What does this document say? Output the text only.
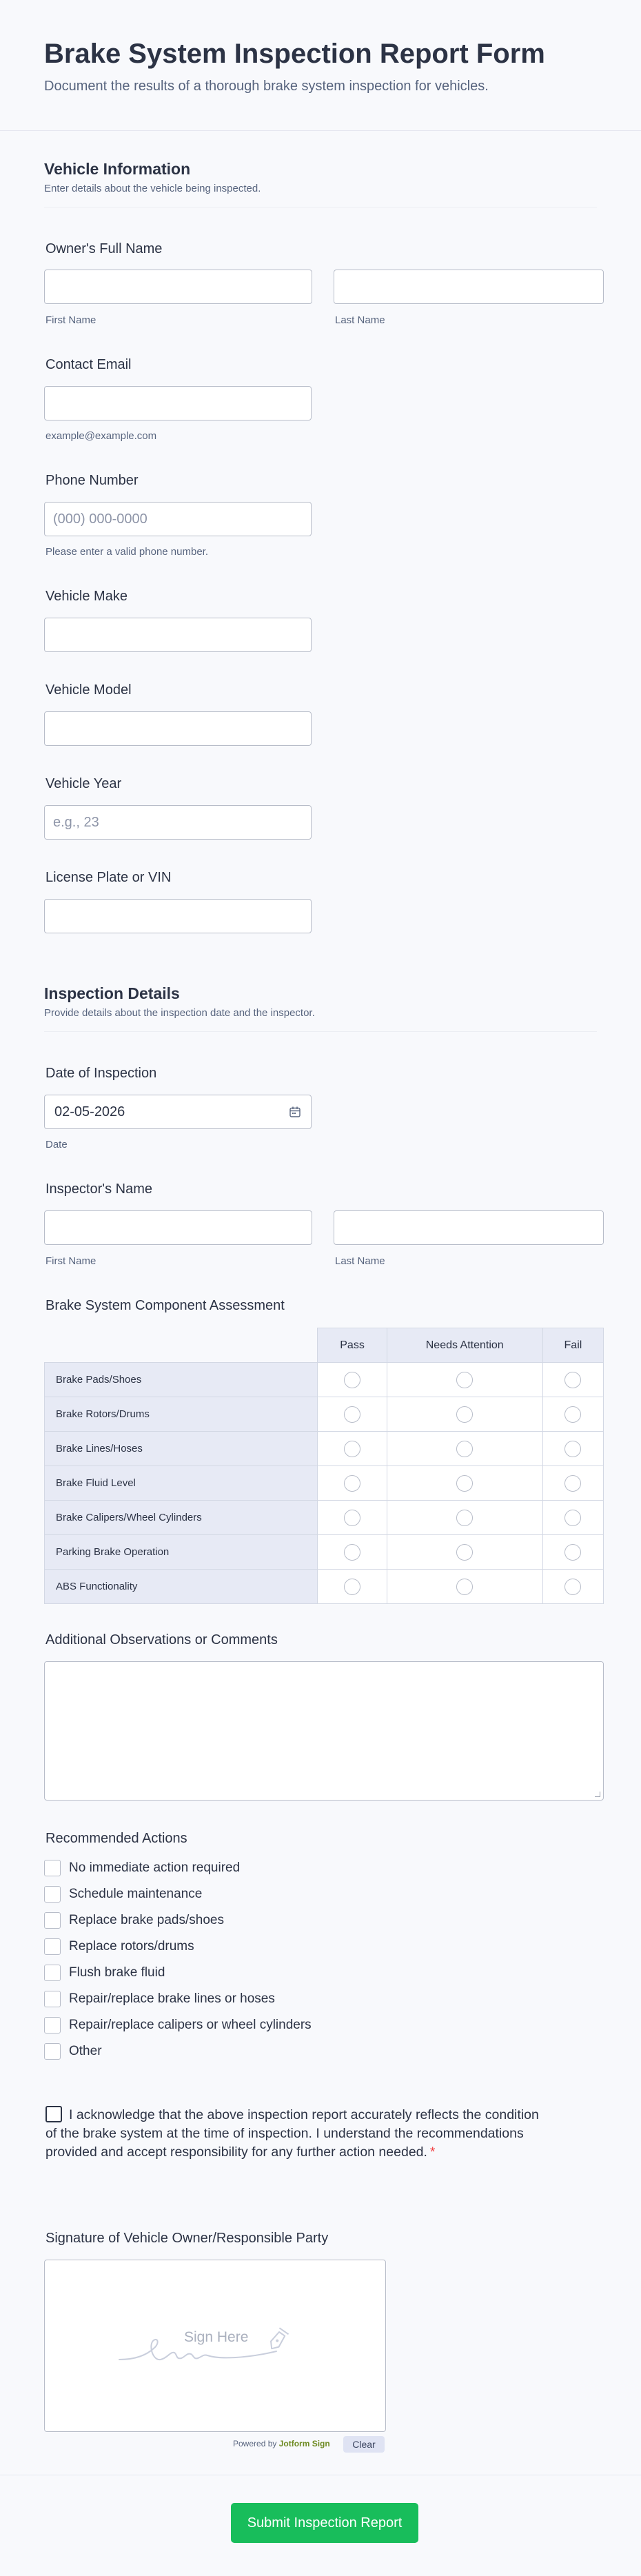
Brake System Inspection Report Form
Document the results of a thorough brake system inspection for vehicles.
Vehicle Information
Enter details about the vehicle being inspected.
Owner's Full Name
First Name	Last Name
Contact Email
example@example.com
Phone Number
(000) 000-0000
Please enter a valid phone number.
Vehicle Make
Vehicle Model
Vehicle Year
e.g., 23
License Plate or VIN
Inspection Details
Provide details about the inspection date and the inspector.
Date of Inspection
02-05-2026
Date
Inspector's Name
First Name	Last Name
Brake System Component Assessment
	Pass	Needs Attention	Fail
Brake Pads/Shoes			
Brake Rotors/Drums			
Brake Lines/Hoses			
Brake Fluid Level			
Brake Calipers/Wheel Cylinders			
Parking Brake Operation			
ABS Functionality			
Additional Observations or Comments
Recommended Actions
No immediate action required
Schedule maintenance
Replace brake pads/shoes
Replace rotors/drums
Flush brake fluid
Repair/replace brake lines or hoses
Repair/replace calipers or wheel cylinders
Other
I acknowledge that the above inspection report accurately reflects the condition of the brake system at the time of inspection. I understand the recommendations provided and accept responsibility for any further action needed. *
Signature of Vehicle Owner/Responsible Party
Sign Here
Powered by Jotform Sign	Clear
Submit Inspection Report
